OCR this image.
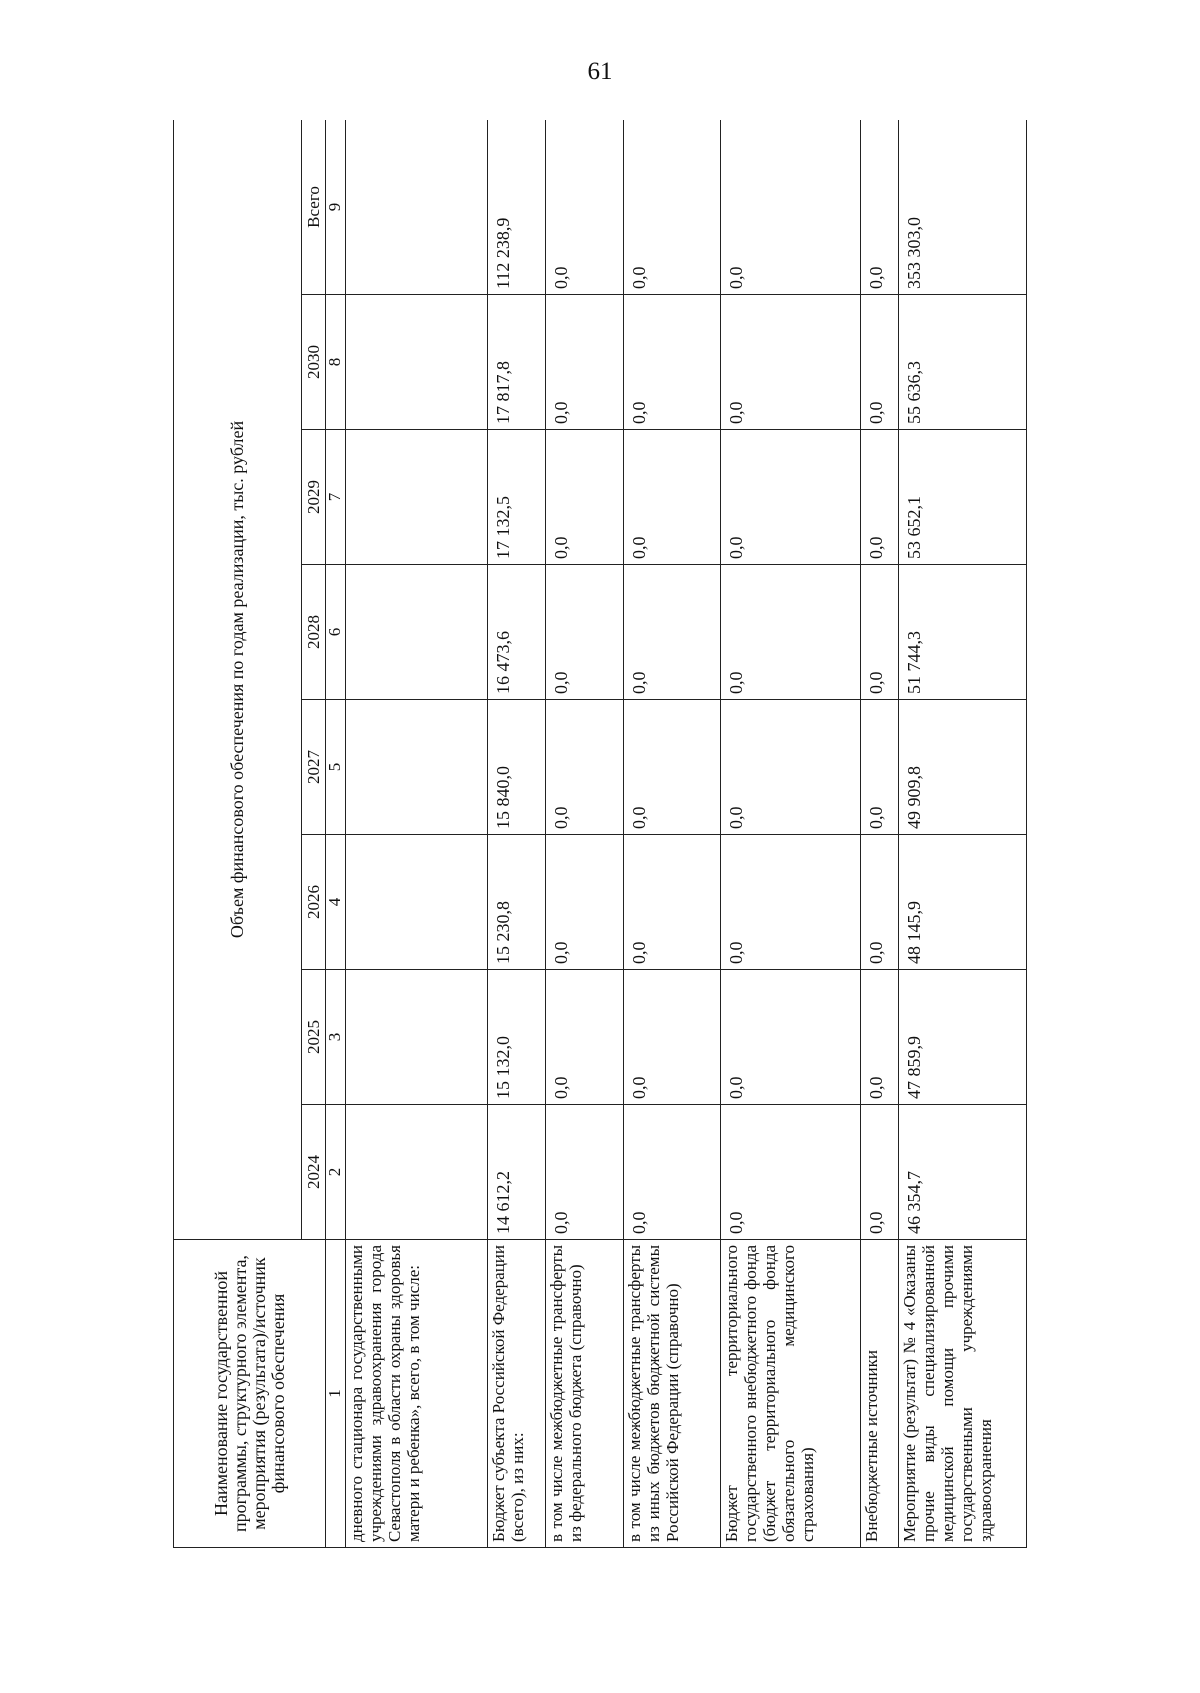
61
Наименование государственной программы, структурного элемента, мероприятия (результата)/источник финансового обеспечения	Объем финансового обеспечения по годам реализации, тыс. рублей							
	2024	2025	2026	2027	2028	2029	2030	Всего
1	2	3	4	5	6	7	8	9
дневного стационара государственными учреждениями здравоохранения города Севастополя в области охраны здоровья матери и ребенка», всего, в том числе:								
Бюджет субъекта Российской Федерации (всего), из них:	14 612,2	15 132,0	15 230,8	15 840,0	16 473,6	17 132,5	17 817,8	112 238,9
в том числе межбюджетные трансферты из федерального бюджета (справочно)	0,0	0,0	0,0	0,0	0,0	0,0	0,0	0,0
в том числе межбюджетные трансферты из иных бюджетов бюджетной системы Российской Федерации (справочно)	0,0	0,0	0,0	0,0	0,0	0,0	0,0	0,0
Бюджет территориального государственного внебюджетного фонда (бюджет территориального фонда обязательного медицинского страхования)	0,0	0,0	0,0	0,0	0,0	0,0	0,0	0,0
Внебюджетные источники	0,0	0,0	0,0	0,0	0,0	0,0	0,0	0,0
Мероприятие (результат) № 4 «Оказаны прочие виды специализированной медицинской помощи прочими государственными учреждениями здравоохранения	46 354,7	47 859,9	48 145,9	49 909,8	51 744,3	53 652,1	55 636,3	353 303,0
